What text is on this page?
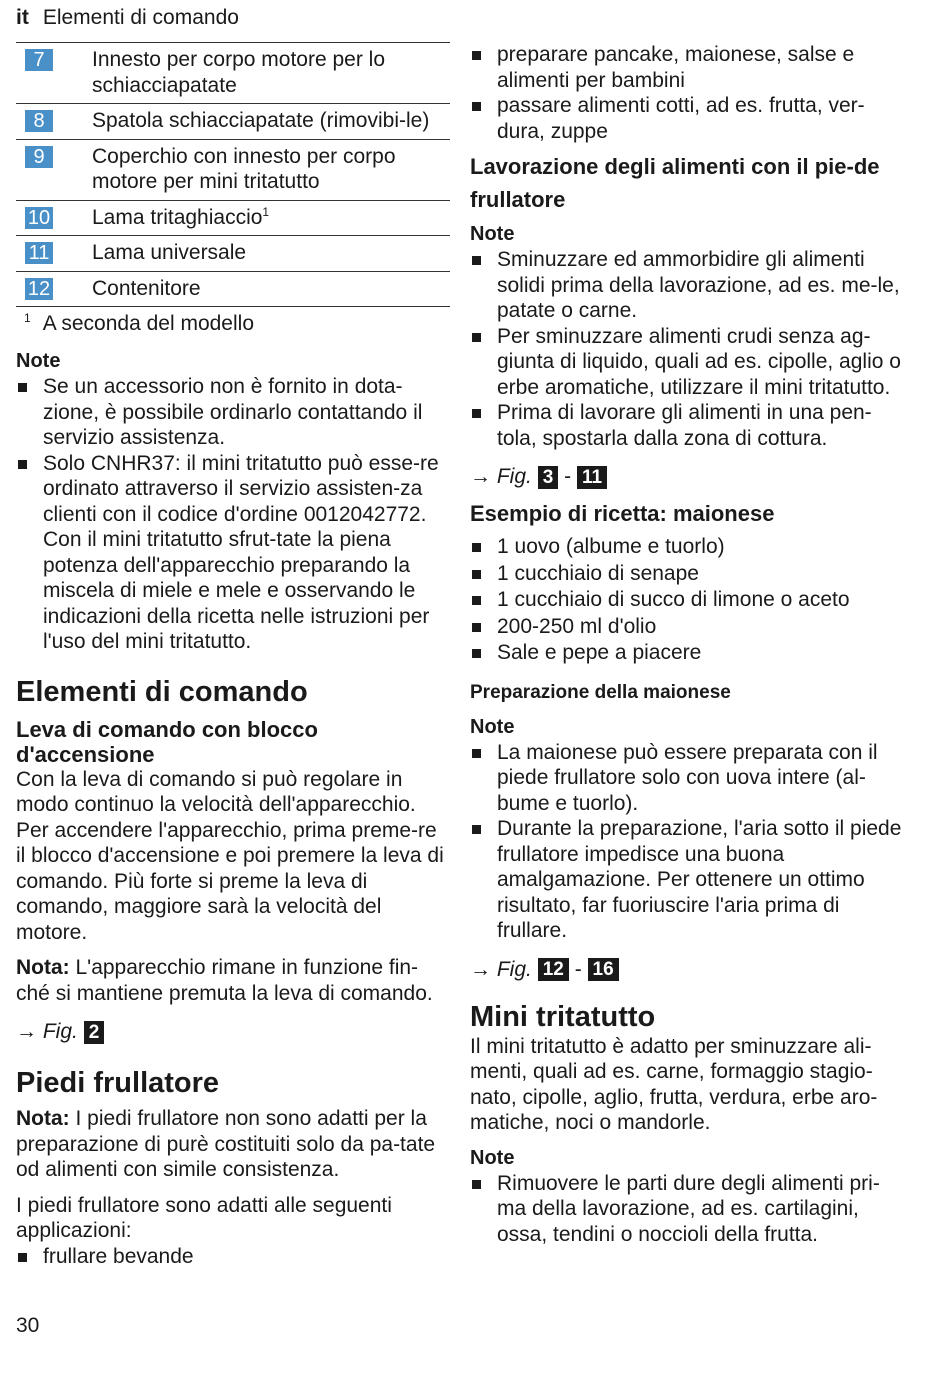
it Elementi di comando
7	Innesto per corpo motore per lo schiacciapatate
8	Spatola schiacciapatate (rimovibi-le)
9	Coperchio con innesto per corpo motore per mini tritatutto
10	Lama tritaghiaccio$^1$
11	Lama universale
12	Contenitore
$^1$ A seconda del modello
Note
Se un accessorio non è fornito in dota-zione, è possibile ordinarlo contattando il servizio assistenza.
Solo CNHR37: il mini tritatutto può esse-re ordinato attraverso il servizio assisten-za clienti con il codice d'ordine 0012042772. Con il mini tritatutto sfrut-tate la piena potenza dell'apparecchio preparando la miscela di miele e mele e osservando le indicazioni della ricetta nelle istruzioni per l'uso del mini tritatutto.
Elementi di comando
Leva di comando con blocco d'accensione
Con la leva di comando si può regolare in modo continuo la velocità dell'apparecchio. Per accendere l'apparecchio, prima preme-re il blocco d'accensione e poi premere la leva di comando. Più forte si preme la leva di comando, maggiore sarà la velocità del motore.
Nota: L'apparecchio rimane in funzione fin-ché si mantiene premuta la leva di comando.
→ Fig. 2
Piedi frullatore
Nota: I piedi frullatore non sono adatti per la preparazione di purè costituiti solo da pa-tate od alimenti con simile consistenza.
I piedi frullatore sono adatti alle seguenti applicazioni:
frullare bevande
preparare pancake, maionese, salse e alimenti per bambini
passare alimenti cotti, ad es. frutta, ver-dura, zuppe
Lavorazione degli alimenti con il pie-de frullatore
Note
Sminuzzare ed ammorbidire gli alimenti solidi prima della lavorazione, ad es. me-le, patate o carne.
Per sminuzzare alimenti crudi senza ag-giunta di liquido, quali ad es. cipolle, aglio o erbe aromatiche, utilizzare il mini tritatutto.
Prima di lavorare gli alimenti in una pen-tola, spostarla dalla zona di cottura.
→ Fig. 3 - 11
Esempio di ricetta: maionese
1 uovo (albume e tuorlo)
1 cucchiaio di senape
1 cucchiaio di succo di limone o aceto
200-250 ml d'olio
Sale e pepe a piacere
Preparazione della maionese
Note
La maionese può essere preparata con il piede frullatore solo con uova intere (al-bume e tuorlo).
Durante la preparazione, l'aria sotto il piede frullatore impedisce una buona amalgamazione. Per ottenere un ottimo risultato, far fuoriuscire l'aria prima di frullare.
→ Fig. 12 - 16
Mini tritatutto
Il mini tritatutto è adatto per sminuzzare ali-menti, quali ad es. carne, formaggio stagio-nato, cipolle, aglio, frutta, verdura, erbe aro-matiche, noci o mandorle.
Note
Rimuovere le parti dure degli alimenti pri-ma della lavorazione, ad es. cartilagini, ossa, tendini o noccioli della frutta.
30
